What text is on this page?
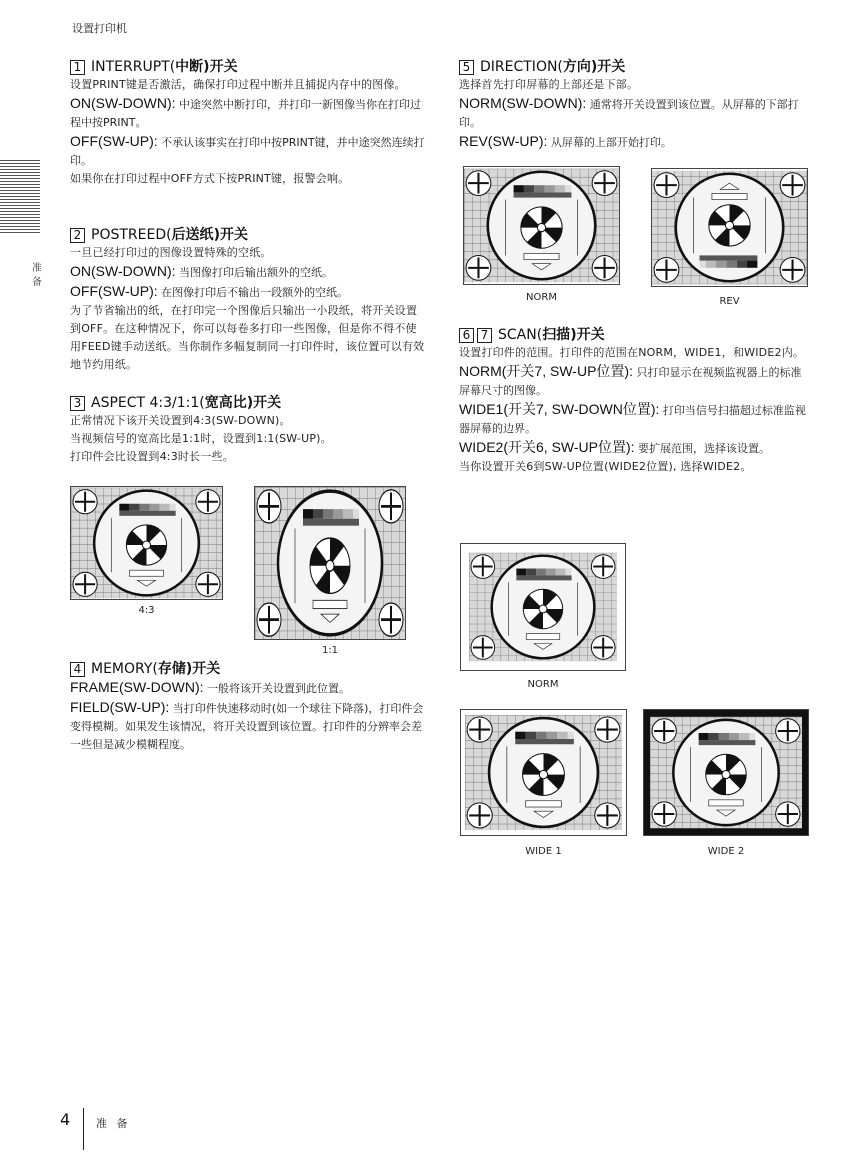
设置打印机
准 备
1 INTERRUPT(中断)开关
设置PRINT键是否激活，确保打印过程中断并且捕捉内存中的图像。
ON(SW-DOWN): 中途突然中断打印，并打印一新图像当你在打印过程中按PRINT。
OFF(SW-UP): 不承认该事实在打印中按PRINT键，并中途突然连续打印。
如果你在打印过程中OFF方式下按PRINT键，报警会响。
2 POSTREED(后送纸)开关
一旦已经打印过的图像设置特殊的空纸。
ON(SW-DOWN): 当图像打印后输出额外的空纸。
OFF(SW-UP): 在图像打印后不输出一段额外的空纸。
为了节省输出的纸，在打印完一个图像后只输出一小段纸，将开关设置到OFF。在这种情况下，你可以每卷多打印一些图像，但是你不得不使用FEED键手动送纸。当你制作多幅复制同一打印件时，该位置可以有效地节约用纸。
3 ASPECT 4:3/1:1(宽高比)开关
正常情况下该开关设置到4:3(SW-DOWN)。
当视频信号的宽高比是1:1时，设置到1:1(SW-UP)。
打印件会比设置到4:3时长一些。
4:3
1:1
4 MEMORY(存储)开关
FRAME(SW-DOWN): 一般将该开关设置到此位置。
FIELD(SW-UP): 当打印件快速移动时(如一个球往下降落)，打印件会变得模糊。如果发生该情况，将开关设置到该位置。打印件的分辨率会差一些但是减少模糊程度。
5 DIRECTION(方向)开关
选择首先打印屏幕的上部还是下部。
NORM(SW-DOWN): 通常将开关设置到该位置。从屏幕的下部打印。
REV(SW-UP): 从屏幕的上部开始打印。
NORM	REV
6 7 SCAN(扫描)开关
设置打印件的范围。打印件的范围在NORM，WIDE1，和WIDE2内。
NORM(开关7, SW-UP位置): 只打印显示在视频监视器上的标准屏幕尺寸的图像。
WIDE1(开关7, SW-DOWN位置): 打印当信号扫描超过标准监视器屏幕的边界。
WIDE2(开关6, SW-UP位置): 要扩展范围，选择该设置。
当你设置开关6到SW-UP位置(WIDE2位置), 选择WIDE2。
NORM
WIDE 1	WIDE 2
4 准 备
